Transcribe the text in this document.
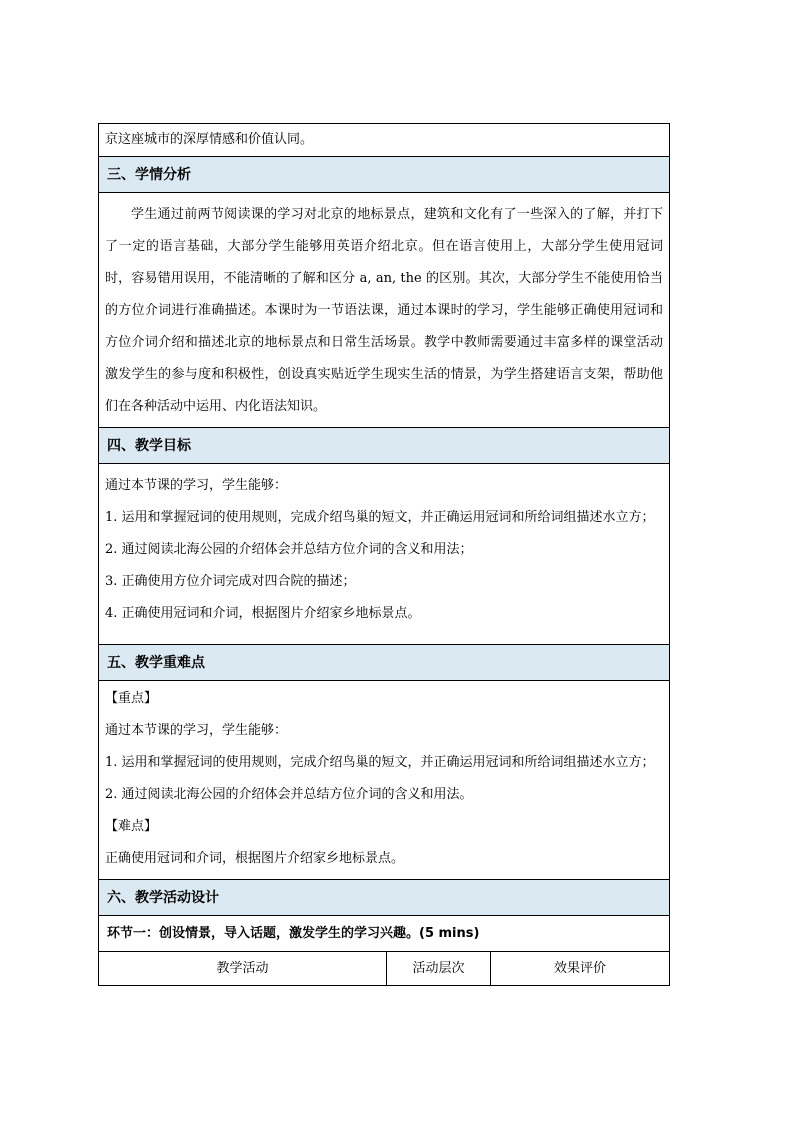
京这座城市的深厚情感和价值认同。
三、学情分析
学生通过前两节阅读课的学习对北京的地标景点，建筑和文化有了一些深入的了解，并打下了一定的语言基础，大部分学生能够用英语介绍北京。但在语言使用上，大部分学生使用冠词时，容易错用误用，不能清晰的了解和区分 a, an, the 的区别。其次，大部分学生不能使用恰当的方位介词进行准确描述。本课时为一节语法课，通过本课时的学习，学生能够正确使用冠词和方位介词介绍和描述北京的地标景点和日常生活场景。教学中教师需要通过丰富多样的课堂活动激发学生的参与度和积极性，创设真实贴近学生现实生活的情景，为学生搭建语言支架，帮助他们在各种活动中运用、内化语法知识。
四、教学目标
通过本节课的学习，学生能够：
1. 运用和掌握冠词的使用规则，完成介绍鸟巢的短文，并正确运用冠词和所给词组描述水立方；
2. 通过阅读北海公园的介绍体会并总结方位介词的含义和用法；
3. 正确使用方位介词完成对四合院的描述；
4. 正确使用冠词和介词，根据图片介绍家乡地标景点。
五、教学重难点
【重点】
通过本节课的学习，学生能够：
1. 运用和掌握冠词的使用规则，完成介绍鸟巢的短文，并正确运用冠词和所给词组描述水立方；
2. 通过阅读北海公园的介绍体会并总结方位介词的含义和用法。
【难点】
正确使用冠词和介词，根据图片介绍家乡地标景点。
六、教学活动设计
环节一：创设情景，导入话题，激发学生的学习兴趣。(5 mins)
教学活动	活动层次	效果评价
